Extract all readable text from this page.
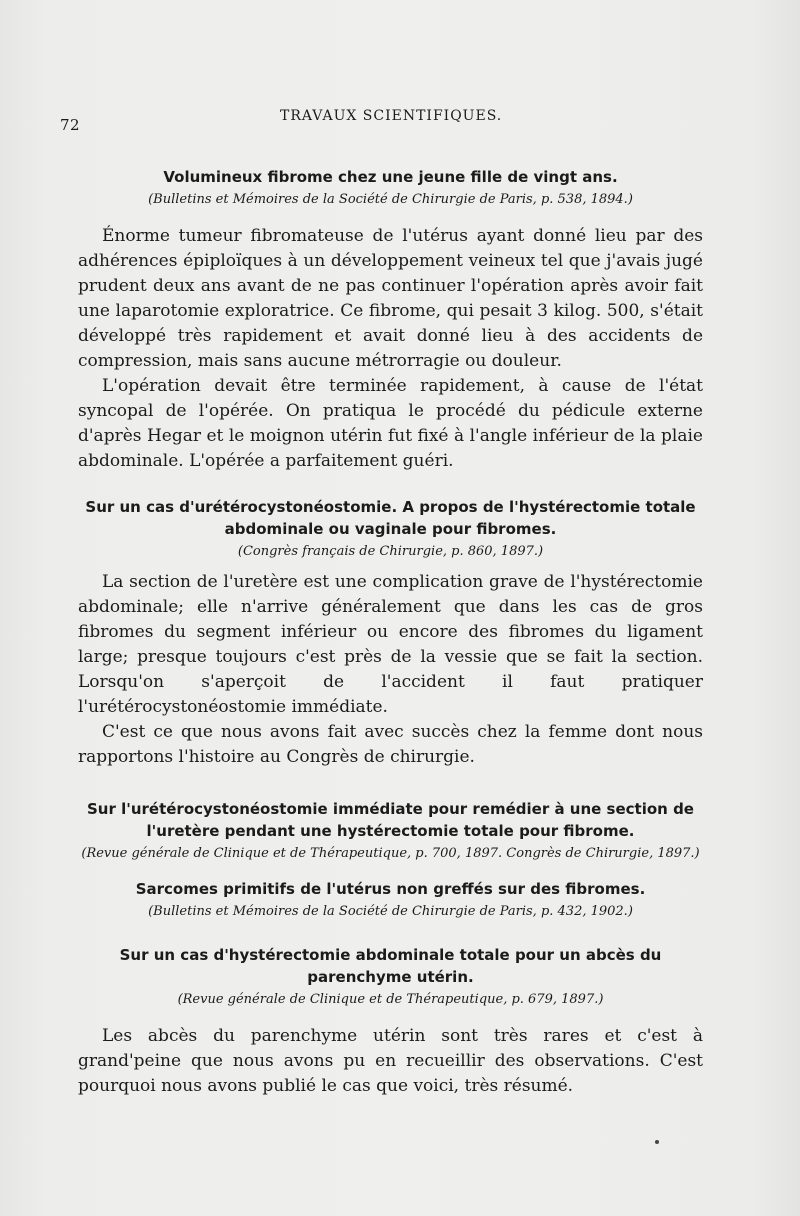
72	TRAVAUX SCIENTIFIQUES.

Volumineux fibrome chez une jeune fille de vingt ans.

(Bulletins et Mémoires de la Société de Chirurgie de Paris, p. 538, 1894.)

Énorme tumeur fibromateuse de l'utérus ayant donné lieu par des adhérences épiploïques à un développement veineux tel que j'avais jugé prudent deux ans avant de ne pas continuer l'opération après avoir fait une laparotomie exploratrice. Ce fibrome, qui pesait 3 kilog. 500, s'était développé très rapidement et avait donné lieu à des accidents de compression, mais sans aucune métrorragie ou douleur.

L'opération devait être terminée rapidement, à cause de l'état syncopal de l'opérée. On pratiqua le procédé du pédicule externe d'après Hegar et le moignon utérin fut fixé à l'angle inférieur de la plaie abdominale. L'opérée a parfaitement guéri.

Sur un cas d'urétérocystonéostomie. A propos de l'hystérectomie totale abdominale ou vaginale pour fibromes.

(Congrès français de Chirurgie, p. 860, 1897.)

La section de l'uretère est une complication grave de l'hystérectomie abdominale; elle n'arrive généralement que dans les cas de gros fibromes du segment inférieur ou encore des fibromes du ligament large; presque toujours c'est près de la vessie que se fait la section. Lorsqu'on s'aperçoit de l'accident il faut pratiquer l'urétérocystonéostomie immédiate.

C'est ce que nous avons fait avec succès chez la femme dont nous rapportons l'histoire au Congrès de chirurgie.

Sur l'urétérocystonéostomie immédiate pour remédier à une section de l'uretère pendant une hystérectomie totale pour fibrome.

(Revue générale de Clinique et de Thérapeutique, p. 700, 1897. Congrès de Chirurgie, 1897.)

Sarcomes primitifs de l'utérus non greffés sur des fibromes.

(Bulletins et Mémoires de la Société de Chirurgie de Paris, p. 432, 1902.)

Sur un cas d'hystérectomie abdominale totale pour un abcès du parenchyme utérin.

(Revue générale de Clinique et de Thérapeutique, p. 679, 1897.)

Les abcès du parenchyme utérin sont très rares et c'est à grand'peine que nous avons pu en recueillir des observations. C'est pourquoi nous avons publié le cas que voici, très résumé.
